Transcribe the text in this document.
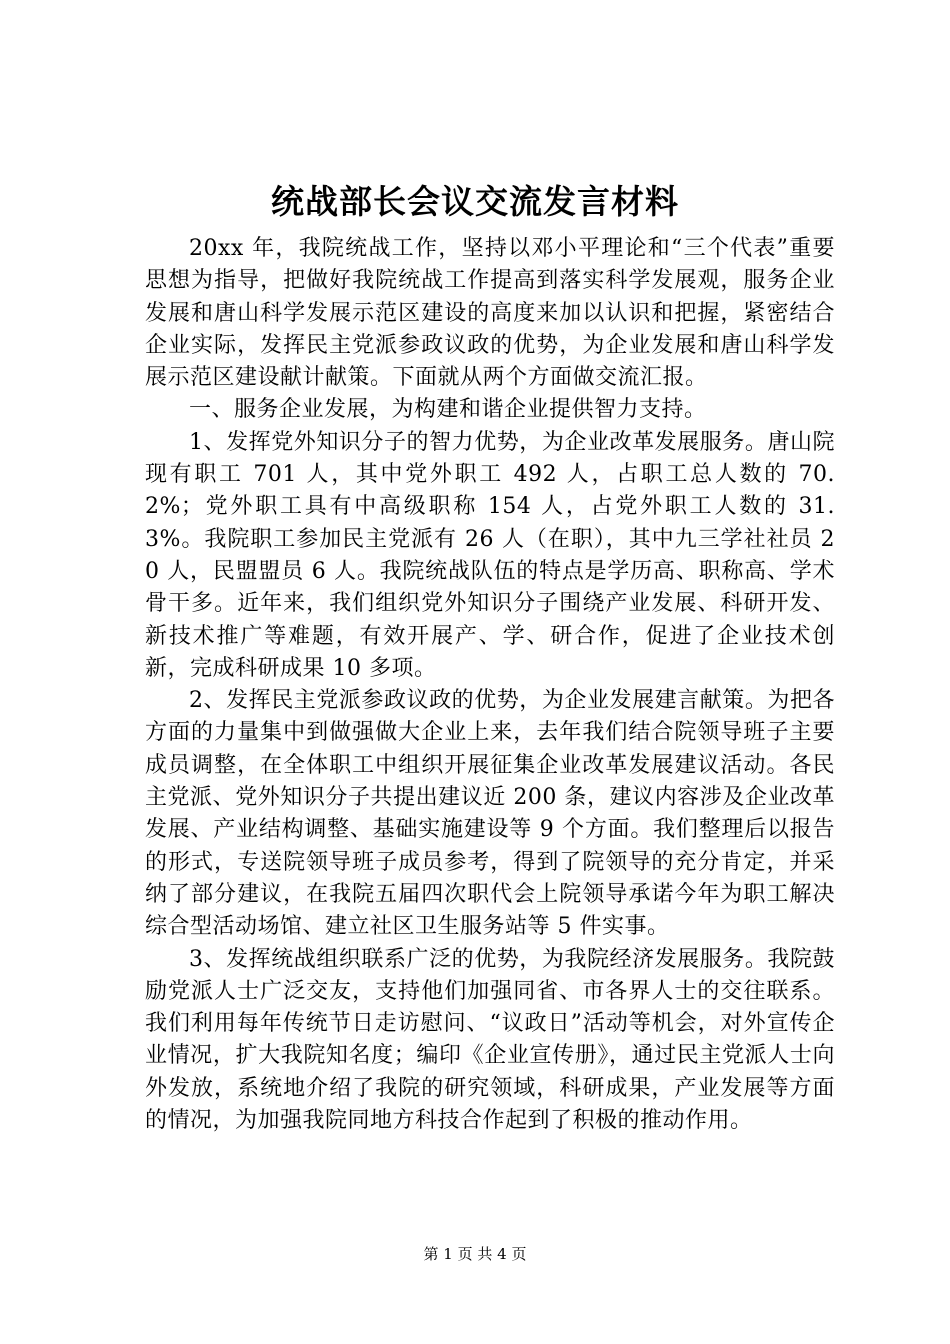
统战部长会议交流发言材料

20xx 年，我院统战工作，坚持以邓小平理论和“三个代表”重要思想为指导，把做好我院统战工作提高到落实科学发展观，服务企业发展和唐山科学发展示范区建设的高度来加以认识和把握，紧密结合企业实际，发挥民主党派参政议政的优势，为企业发展和唐山科学发展示范区建设献计献策。下面就从两个方面做交流汇报。

一、服务企业发展，为构建和谐企业提供智力支持。

1、发挥党外知识分子的智力优势，为企业改革发展服务。唐山院现有职工 701 人，其中党外职工 492 人，占职工总人数的 70.2%；党外职工具有中高级职称 154 人，占党外职工人数的 31.3%。我院职工参加民主党派有 26 人（在职），其中九三学社社员 20 人，民盟盟员 6 人。我院统战队伍的特点是学历高、职称高、学术骨干多。近年来，我们组织党外知识分子围绕产业发展、科研开发、新技术推广等难题，有效开展产、学、研合作，促进了企业技术创新，完成科研成果 10 多项。

2、发挥民主党派参政议政的优势，为企业发展建言献策。为把各方面的力量集中到做强做大企业上来，去年我们结合院领导班子主要成员调整，在全体职工中组织开展征集企业改革发展建议活动。各民主党派、党外知识分子共提出建议近 200 条，建议内容涉及企业改革发展、产业结构调整、基础实施建设等 9 个方面。我们整理后以报告的形式，专送院领导班子成员参考，得到了院领导的充分肯定，并采纳了部分建议，在我院五届四次职代会上院领导承诺今年为职工解决综合型活动场馆、建立社区卫生服务站等 5 件实事。

3、发挥统战组织联系广泛的优势，为我院经济发展服务。我院鼓励党派人士广泛交友，支持他们加强同省、市各界人士的交往联系。我们利用每年传统节日走访慰问、“议政日”活动等机会，对外宣传企业情况，扩大我院知名度；编印《企业宣传册》，通过民主党派人士向外发放，系统地介绍了我院的研究领域，科研成果，产业发展等方面的情况，为加强我院同地方科技合作起到了积极的推动作用。

第 1 页 共 4 页
